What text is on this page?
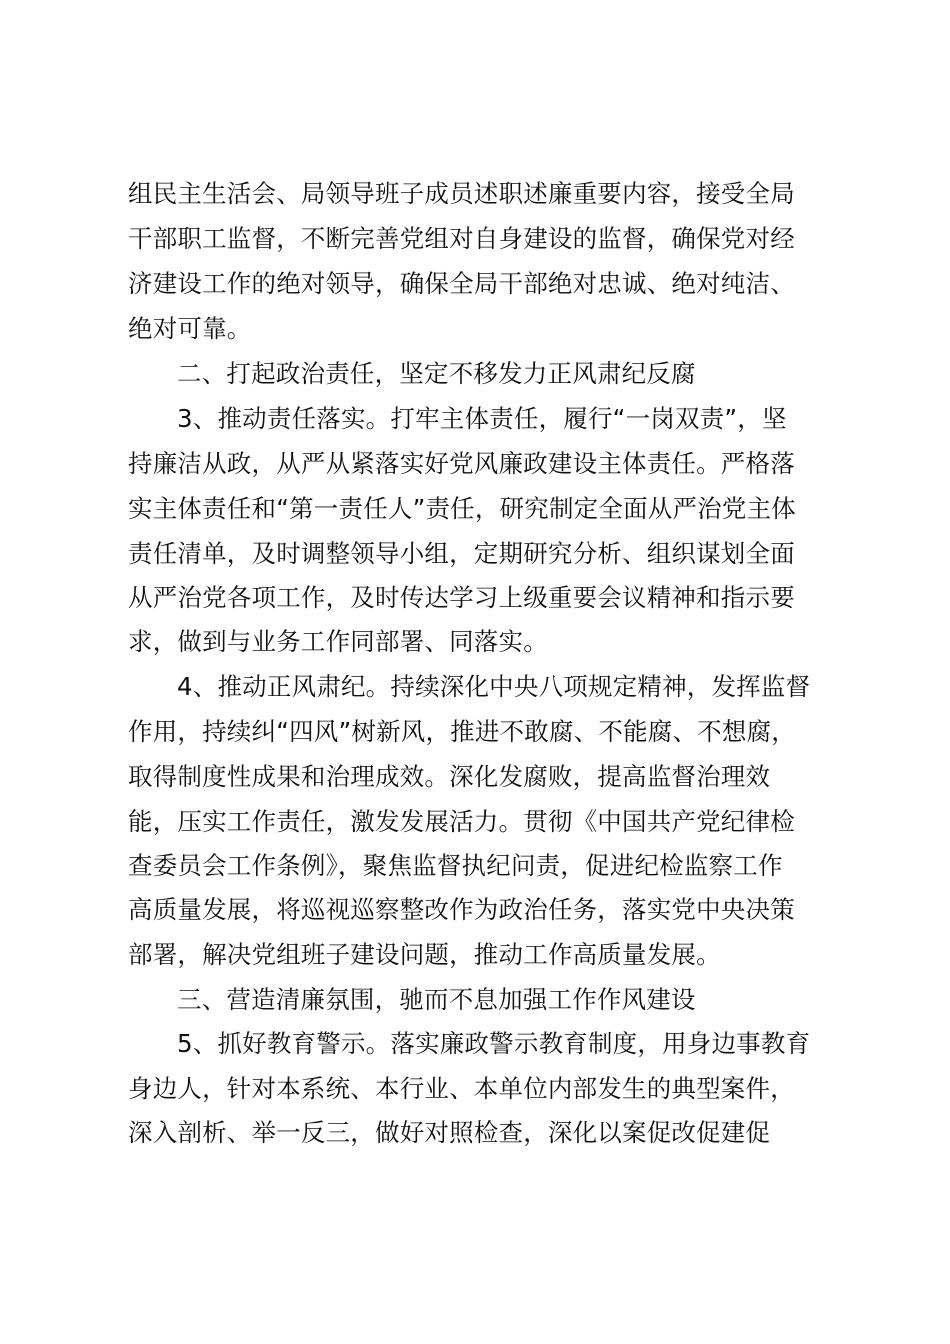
组民主生活会、局领导班子成员述职述廉重要内容，接受全局
干部职工监督，不断完善党组对自身建设的监督，确保党对经
济建设工作的绝对领导，确保全局干部绝对忠诚、绝对纯洁、
绝对可靠。
二、打起政治责任，坚定不移发力正风肃纪反腐
3、推动责任落实。打牢主体责任，履行“一岗双责”，坚
持廉洁从政，从严从紧落实好党风廉政建设主体责任。严格落
实主体责任和“第一责任人”责任，研究制定全面从严治党主体
责任清单，及时调整领导小组，定期研究分析、组织谋划全面
从严治党各项工作，及时传达学习上级重要会议精神和指示要
求，做到与业务工作同部署、同落实。
4、推动正风肃纪。持续深化中央八项规定精神，发挥监督
作用，持续纠“四风”树新风，推进不敢腐、不能腐、不想腐，
取得制度性成果和治理成效。深化发腐败，提高监督治理效
能，压实工作责任，激发发展活力。贯彻《中国共产党纪律检
查委员会工作条例》，聚焦监督执纪问责，促进纪检监察工作
高质量发展，将巡视巡察整改作为政治任务，落实党中央决策
部署，解决党组班子建设问题，推动工作高质量发展。
三、营造清廉氛围，驰而不息加强工作作风建设
5、抓好教育警示。落实廉政警示教育制度，用身边事教育
身边人，针对本系统、本行业、本单位内部发生的典型案件，
深入剖析、举一反三，做好对照检查，深化以案促改促建促
